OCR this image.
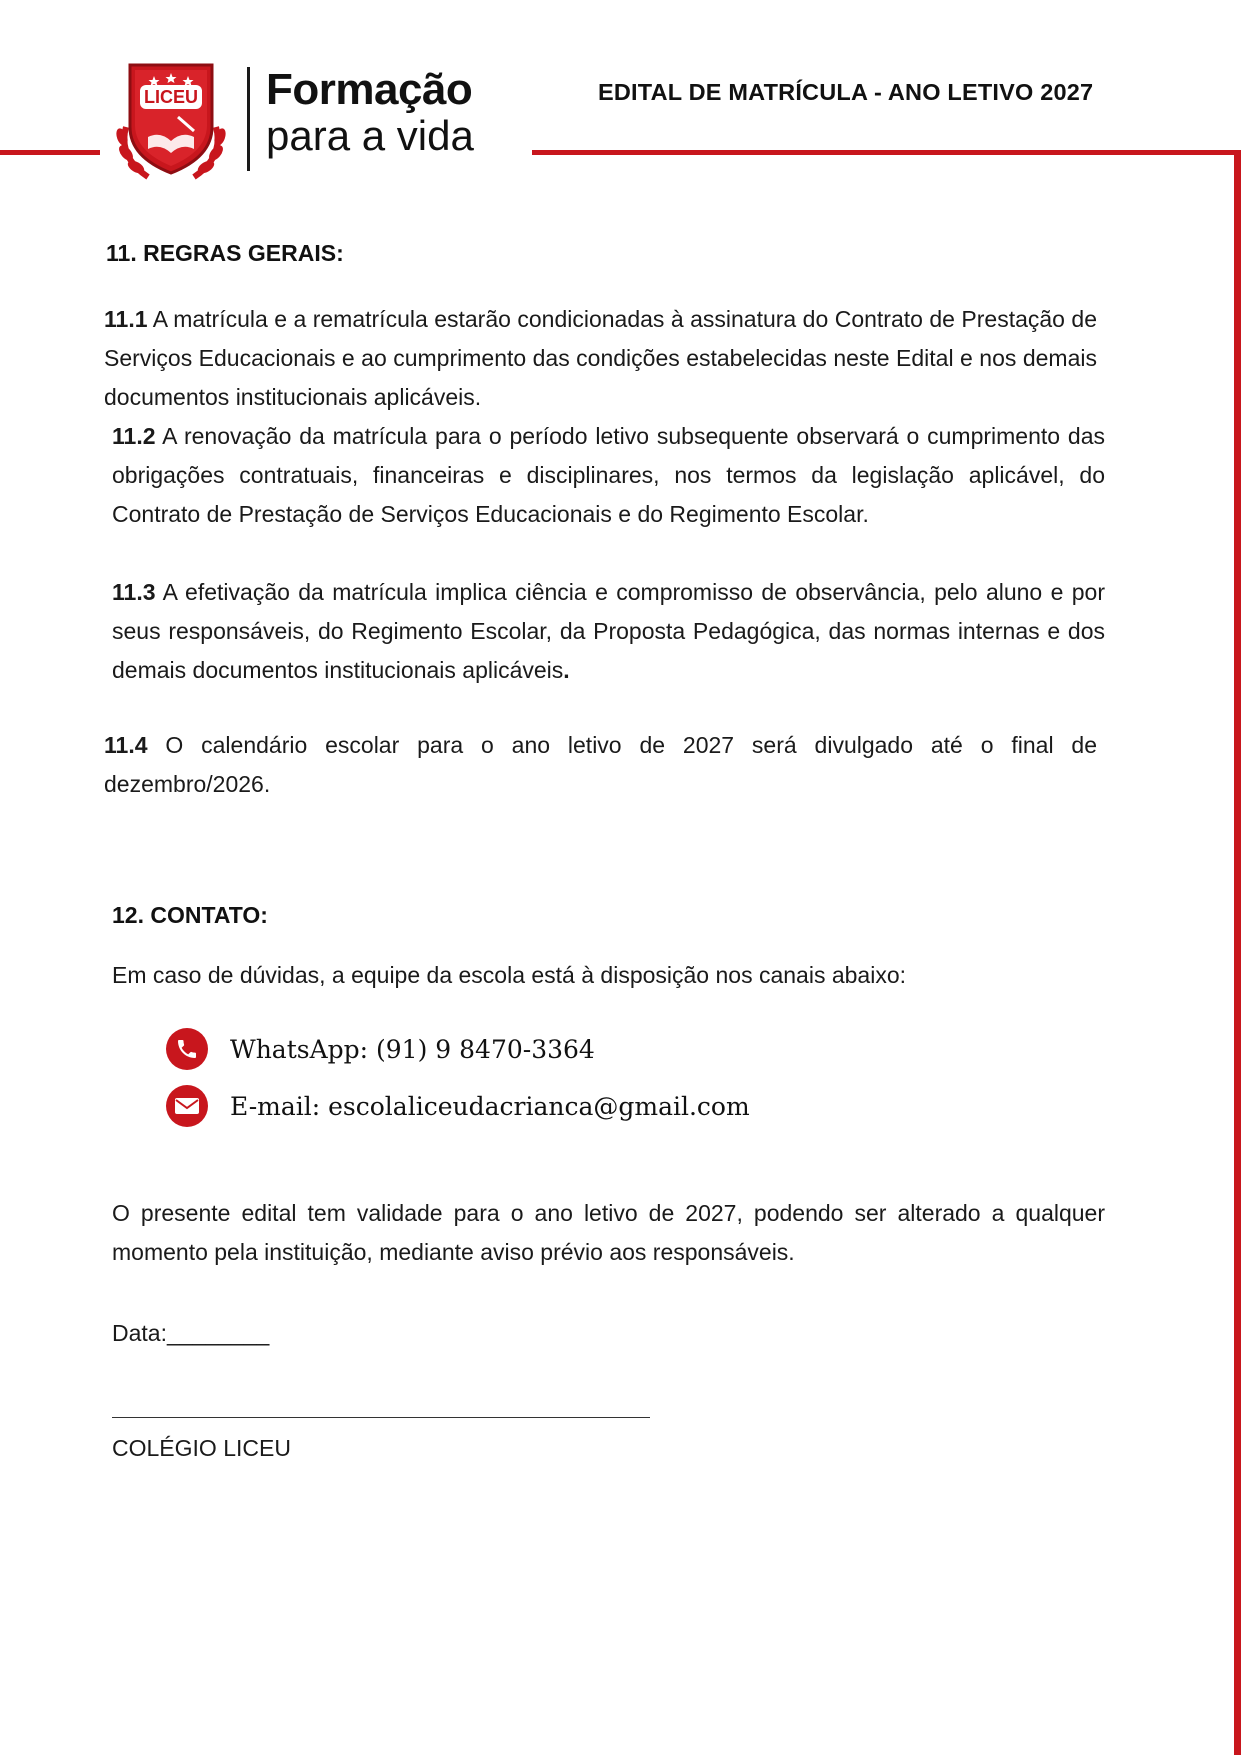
LICEU Formação
para a vida
EDITAL DE MATRÍCULA - ANO LETIVO 2027
11. REGRAS GERAIS:

11.1 A matrícula e a rematrícula estarão condicionadas à assinatura do Contrato de Prestação de Serviços Educacionais e ao cumprimento das condições estabelecidas neste Edital e nos demais documentos institucionais aplicáveis.

11.2 A renovação da matrícula para o período letivo subsequente observará o cumprimento das obrigações contratuais, financeiras e disciplinares, nos termos da legislação aplicável, do Contrato de Prestação de Serviços Educacionais e do Regimento Escolar.

11.3 A efetivação da matrícula implica ciência e compromisso de observância, pelo aluno e por seus responsáveis, do Regimento Escolar, da Proposta Pedagógica, das normas internas e dos demais documentos institucionais aplicáveis.

11.4 O calendário escolar para o ano letivo de 2027 será divulgado até o final de dezembro/2026.

12. CONTATO:

Em caso de dúvidas, a equipe da escola está à disposição nos canais abaixo:

WhatsApp: (91) 9 8470-3364
E-mail: escolaliceudacrianca@gmail.com

O presente edital tem validade para o ano letivo de 2027, podendo ser alterado a qualquer momento pela instituição, mediante aviso prévio aos responsáveis.

Data:________

COLÉGIO LICEU
